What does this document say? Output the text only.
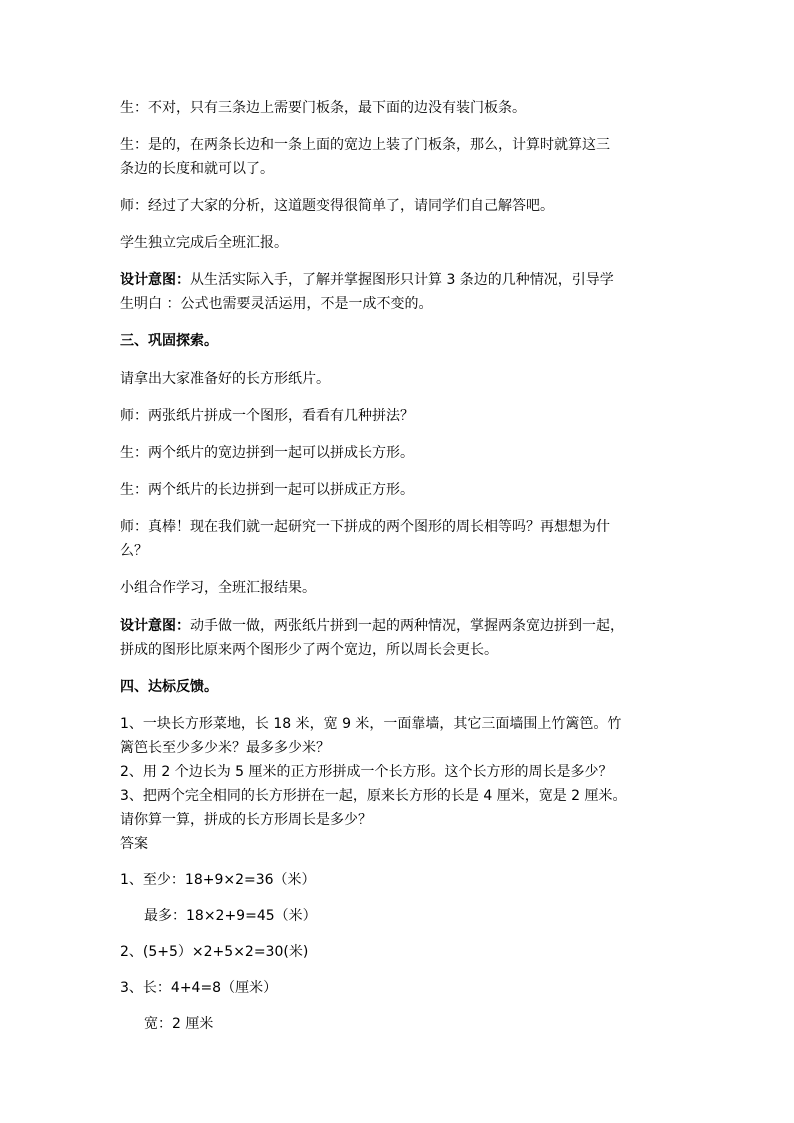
生：不对，只有三条边上需要门板条，最下面的边没有装门板条。
生：是的，在两条长边和一条上面的宽边上装了门板条，那么，计算时就算这三
条边的长度和就可以了。
师：经过了大家的分析，这道题变得很简单了，请同学们自己解答吧。
学生独立完成后全班汇报。
设计意图：从生活实际入手，了解并掌握图形只计算 3 条边的几种情况，引导学
生明白 ：公式也需要灵活运用，不是一成不变的。
三、巩固探索。
请拿出大家准备好的长方形纸片。
师：两张纸片拼成一个图形，看看有几种拼法？
生：两个纸片的宽边拼到一起可以拼成长方形。
生：两个纸片的长边拼到一起可以拼成正方形。
师：真棒！现在我们就一起研究一下拼成的两个图形的周长相等吗？再想想为什
么？
小组合作学习，全班汇报结果。
设计意图：动手做一做，两张纸片拼到一起的两种情况，掌握两条宽边拼到一起，
拼成的图形比原来两个图形少了两个宽边，所以周长会更长。
四、达标反馈。
1、一块长方形菜地，长 18 米，宽 9 米，一面靠墙，其它三面墙围上竹篱笆。竹
篱笆长至少多少米？最多多少米？
2、用 2 个边长为 5 厘米的正方形拼成一个长方形。这个长方形的周长是多少？
3、把两个完全相同的长方形拼在一起，原来长方形的长是 4 厘米，宽是 2 厘米。
请你算一算，拼成的长方形周长是多少？
答案
1、至少：18+9×2=36（米）
最多：18×2+9=45（米）
2、(5+5）×2+5×2=30(米)
3、长：4+4=8（厘米）
宽：2 厘米
